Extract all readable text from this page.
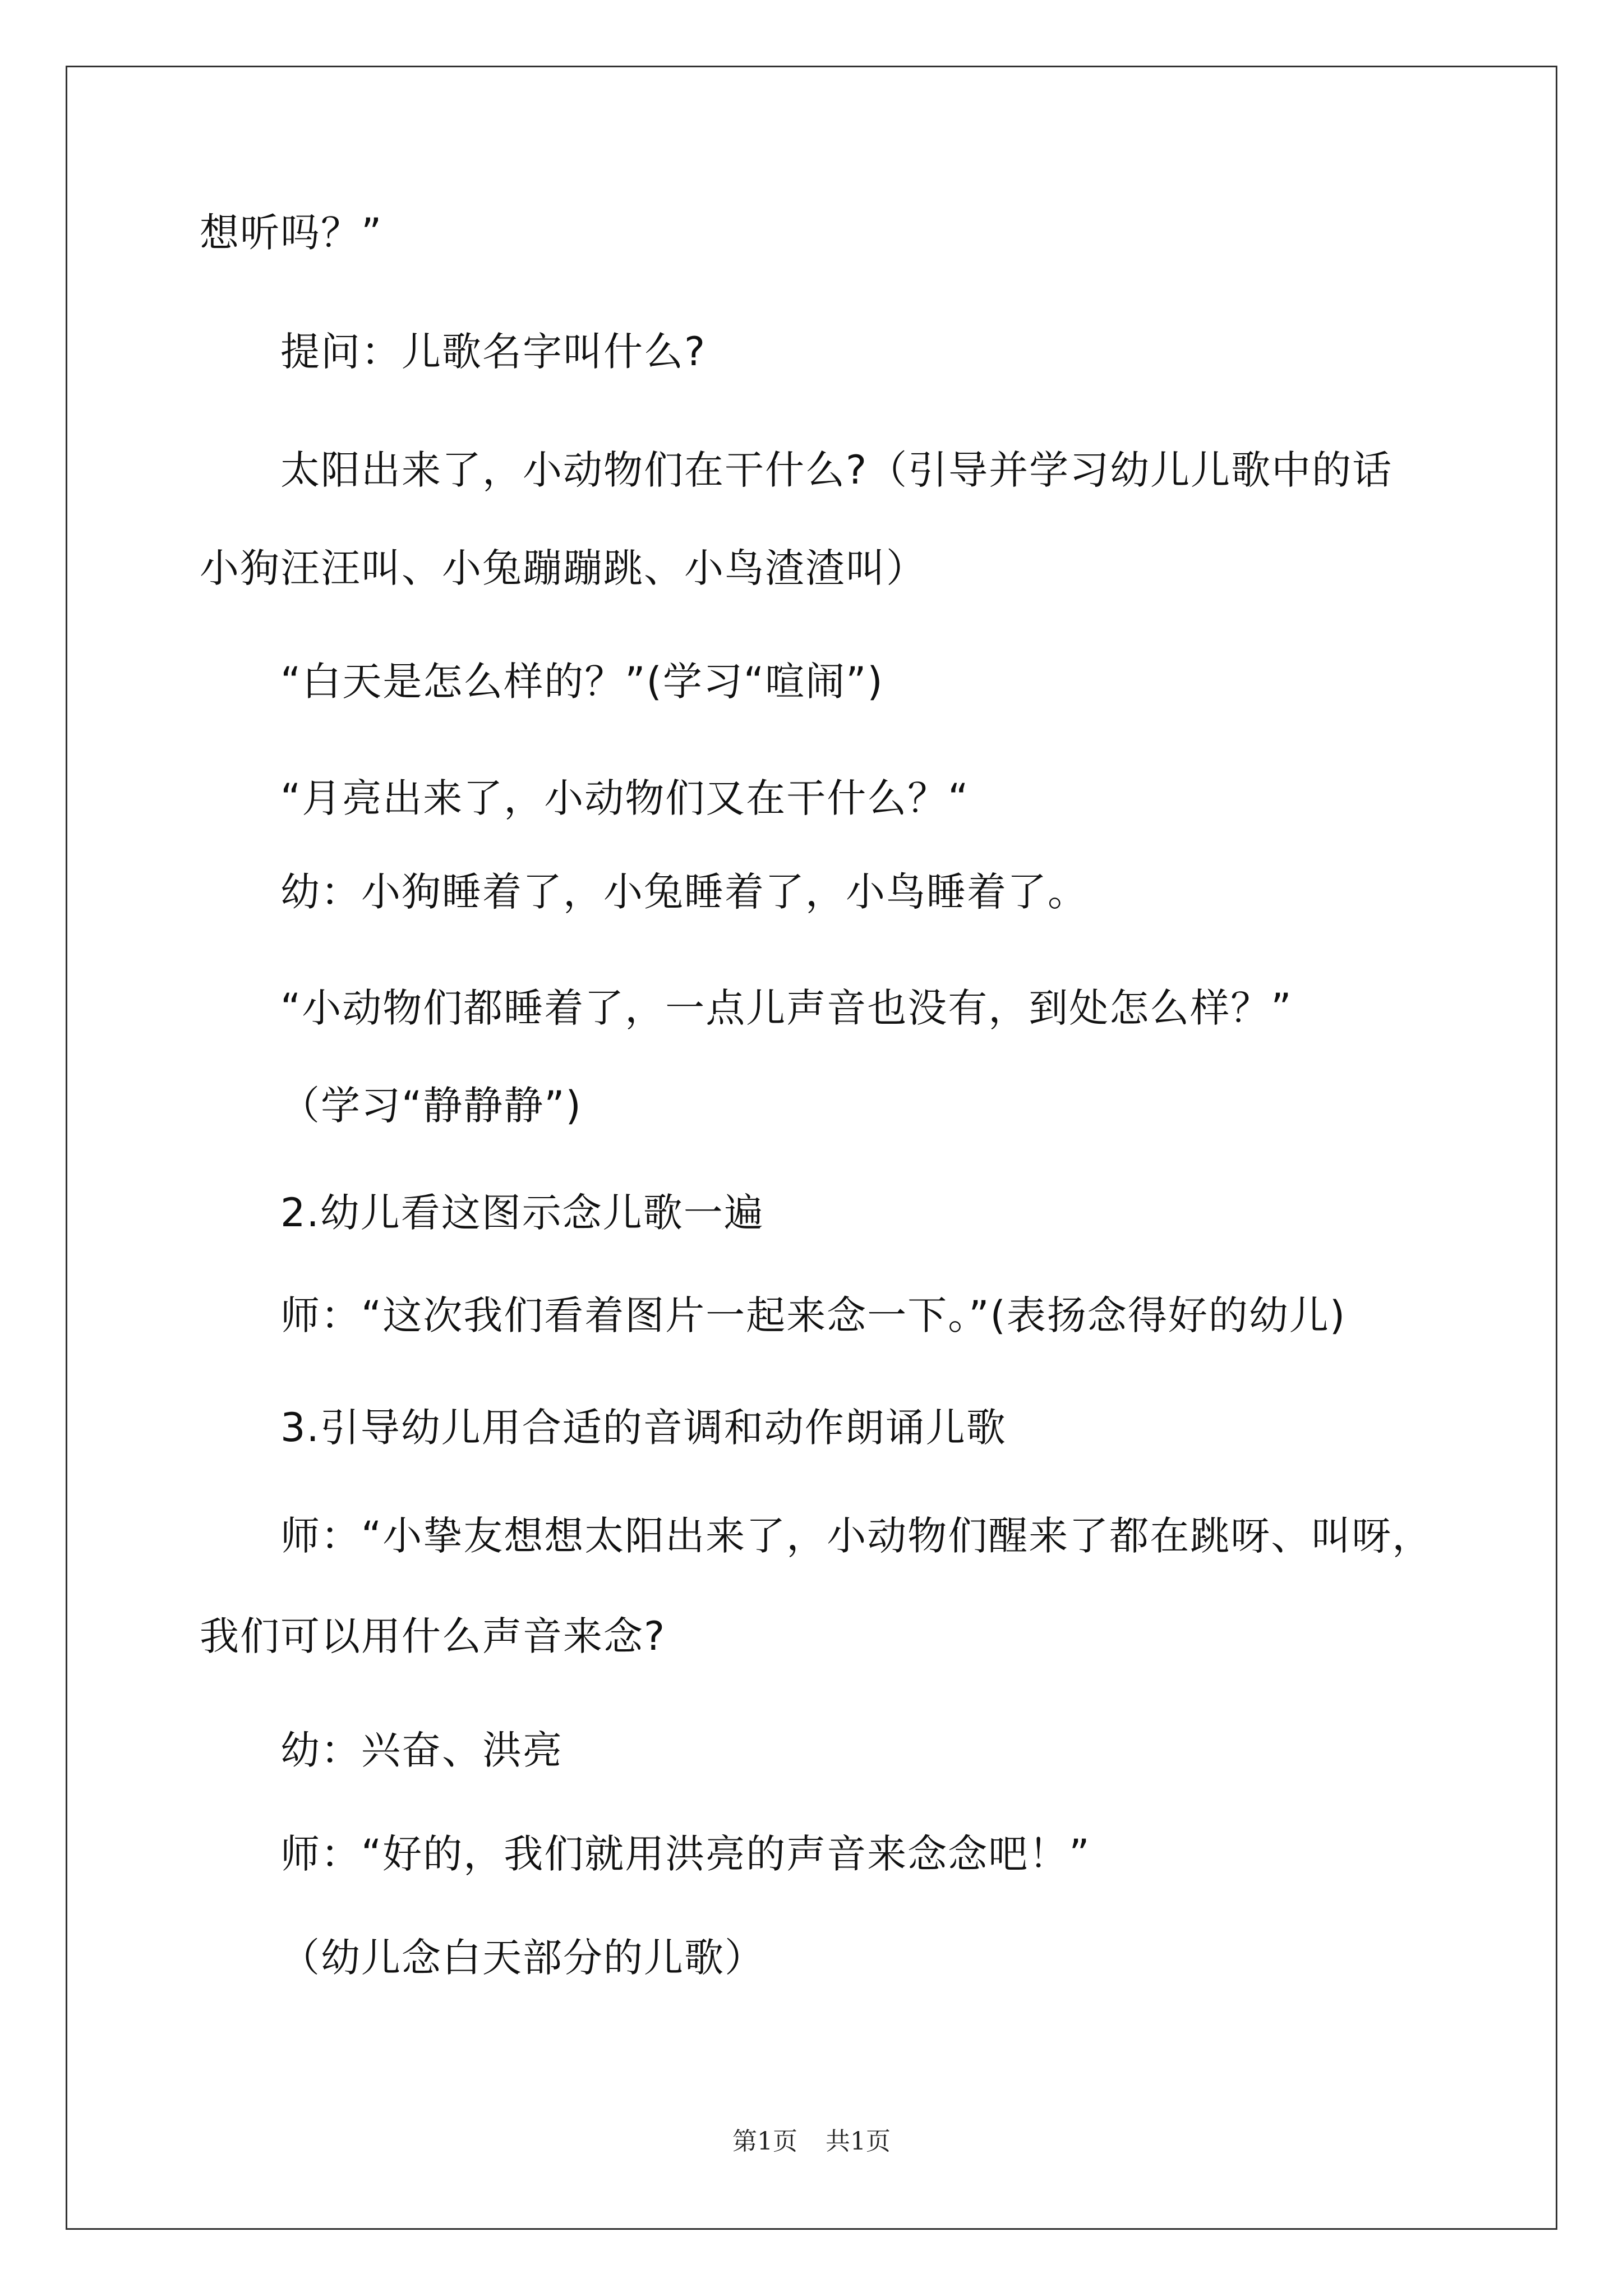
想听吗？”
提问：儿歌名字叫什么?
太阳出来了，小动物们在干什么?（引导并学习幼儿儿歌中的话
小狗汪汪叫、小兔蹦蹦跳、小鸟渣渣叫）
“白天是怎么样的？”(学习“喧闹”)
“月亮出来了，小动物们又在干什么？“
幼：小狗睡着了，小兔睡着了，小鸟睡着了。
“小动物们都睡着了，一点儿声音也没有，到处怎么样？”
（学习“静静静”)
2.幼儿看这图示念儿歌一遍
师：“这次我们看着图片一起来念一下。”(表扬念得好的幼儿)
3.引导幼儿用合适的音调和动作朗诵儿歌
师：“小挚友想想太阳出来了，小动物们醒来了都在跳呀、叫呀，
我们可以用什么声音来念?
幼：兴奋、洪亮
师：“好的，我们就用洪亮的声音来念念吧！”
（幼儿念白天部分的儿歌）
第1页 共1页
